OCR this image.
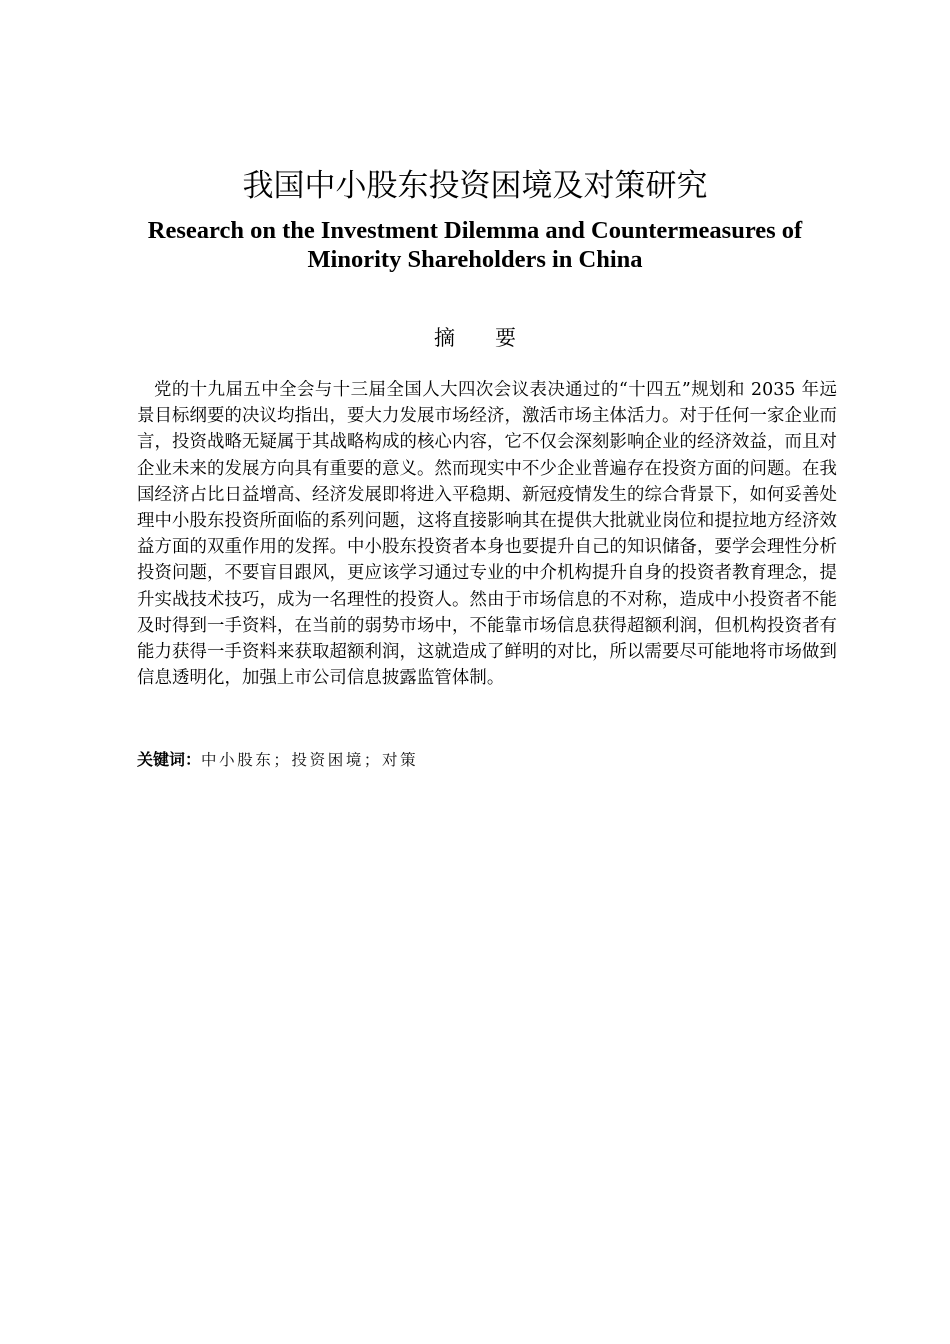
我国中小股东投资困境及对策研究
Research on the Investment Dilemma and Countermeasures of Minority Shareholders in China
摘要
党的十九届五中全会与十三届全国人大四次会议表决通过的“十四五”规划和 2035 年远景目标纲要的决议均指出，要大力发展市场经济，激活市场主体活力。对于任何一家企业而言，投资战略无疑属于其战略构成的核心内容，它不仅会深刻影响企业的经济效益，而且对企业未来的发展方向具有重要的意义。然而现实中不少企业普遍存在投资方面的问题。在我国经济占比日益增高、经济发展即将进入平稳期、新冠疫情发生的综合背景下，如何妥善处理中小股东投资所面临的系列问题，这将直接影响其在提供大批就业岗位和提拉地方经济效益方面的双重作用的发挥。中小股东投资者本身也要提升自己的知识储备，要学会理性分析投资问题，不要盲目跟风，更应该学习通过专业的中介机构提升自身的投资者教育理念，提升实战技术技巧，成为一名理性的投资人。然由于市场信息的不对称，造成中小投资者不能及时得到一手资料，在当前的弱势市场中，不能靠市场信息获得超额利润，但机构投资者有能力获得一手资料来获取超额利润，这就造成了鲜明的对比，所以需要尽可能地将市场做到信息透明化，加强上市公司信息披露监管体制。
关键词：中小股东；投资困境；对策
